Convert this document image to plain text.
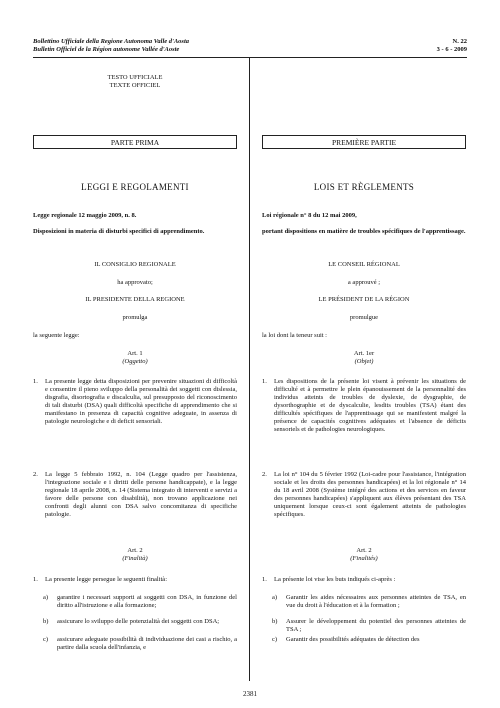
Bollettino Ufficiale della Regione Autonoma Valle d'Aosta
Bulletin Officiel de la Région autonome Vallée d'Aoste
N. 22
3 - 6 - 2009
TESTO UFFICIALE
TEXTE OFFICIEL
PARTE PRIMA
LEGGI E REGOLAMENTI
Legge regionale 12 maggio 2009, n. 8.
Disposizioni in materia di disturbi specifici di apprendimento.
IL CONSIGLIO REGIONALE
ha approvato;
IL PRESIDENTE DELLA REGIONE
promulga
la seguente legge:
Art. 1
(Oggetto)
1. La presente legge detta disposizioni per prevenire situazioni di difficoltà e consentire il pieno sviluppo della personalità dei soggetti con dislessia, disgrafia, disortografia e discalculia, sul presupposto del riconoscimento di tali disturbi (DSA) quali difficoltà specifiche di apprendimento che si manifestano in presenza di capacità cognitive adeguate, in assenza di patologie neurologiche e di deficit sensoriali.
2. La legge 5 febbraio 1992, n. 104 (Legge quadro per l'assistenza, l'integrazione sociale e i diritti delle persone handicappate), e la legge regionale 18 aprile 2008, n. 14 (Sistema integrato di interventi e servizi a favore delle persone con disabilità), non trovano applicazione nei confronti degli alunni con DSA salvo concomitanza di specifiche patologie.
Art. 2
(Finalità)
1. La presente legge persegue le seguenti finalità:
a) garantire i necessari supporti ai soggetti con DSA, in funzione del diritto all'istruzione e alla formazione;
b) assicurare lo sviluppo delle potenzialità dei soggetti con DSA;
c) assicurare adeguate possibilità di individuazione dei casi a rischio, a partire dalla scuola dell'infanzia, e
PREMIÈRE PARTIE
LOIS ET RÈGLEMENTS
Loi régionale n° 8 du 12 mai 2009,
portant dispositions en matière de troubles spécifiques de l'apprentissage.
LE CONSEIL RÉGIONAL
a approuvé ;
LE PRÉSIDENT DE LA RÉGION
promulgue
la loi dont la teneur suit :
Art. 1er
(Objet)
1. Les dispositions de la présente loi visent à prévenir les situations de difficulté et à permettre le plein épanouissement de la personnalité des individus atteints de troubles de dyslexie, de dysgraphie, de dysorthographie et de dyscalculie, lesdits troubles (TSA) étant des difficultés spécifiques de l'apprentissage qui se manifestent malgré la présence de capacités cognitives adéquates et l'absence de déficits sensoriels et de pathologies neurologiques.
2. La loi n° 104 du 5 février 1992 (Loi-cadre pour l'assistance, l'intégration sociale et les droits des personnes handicapées) et la loi régionale n° 14 du 18 avril 2008 (Système intégré des actions et des services en faveur des personnes handicapées) s'appliquent aux élèves présentant des TSA uniquement lorsque ceux-ci sont également atteints de pathologies spécifiques.
Art. 2
(Finalités)
1. La présente loi vise les buts indiqués ci-après :
a) Garantir les aides nécessaires aux personnes atteintes de TSA, en vue du droit à l'éducation et à la formation ;
b) Assurer le développement du potentiel des personnes atteintes de TSA ;
c) Garantir des possibilités adéquates de détection des
2381
